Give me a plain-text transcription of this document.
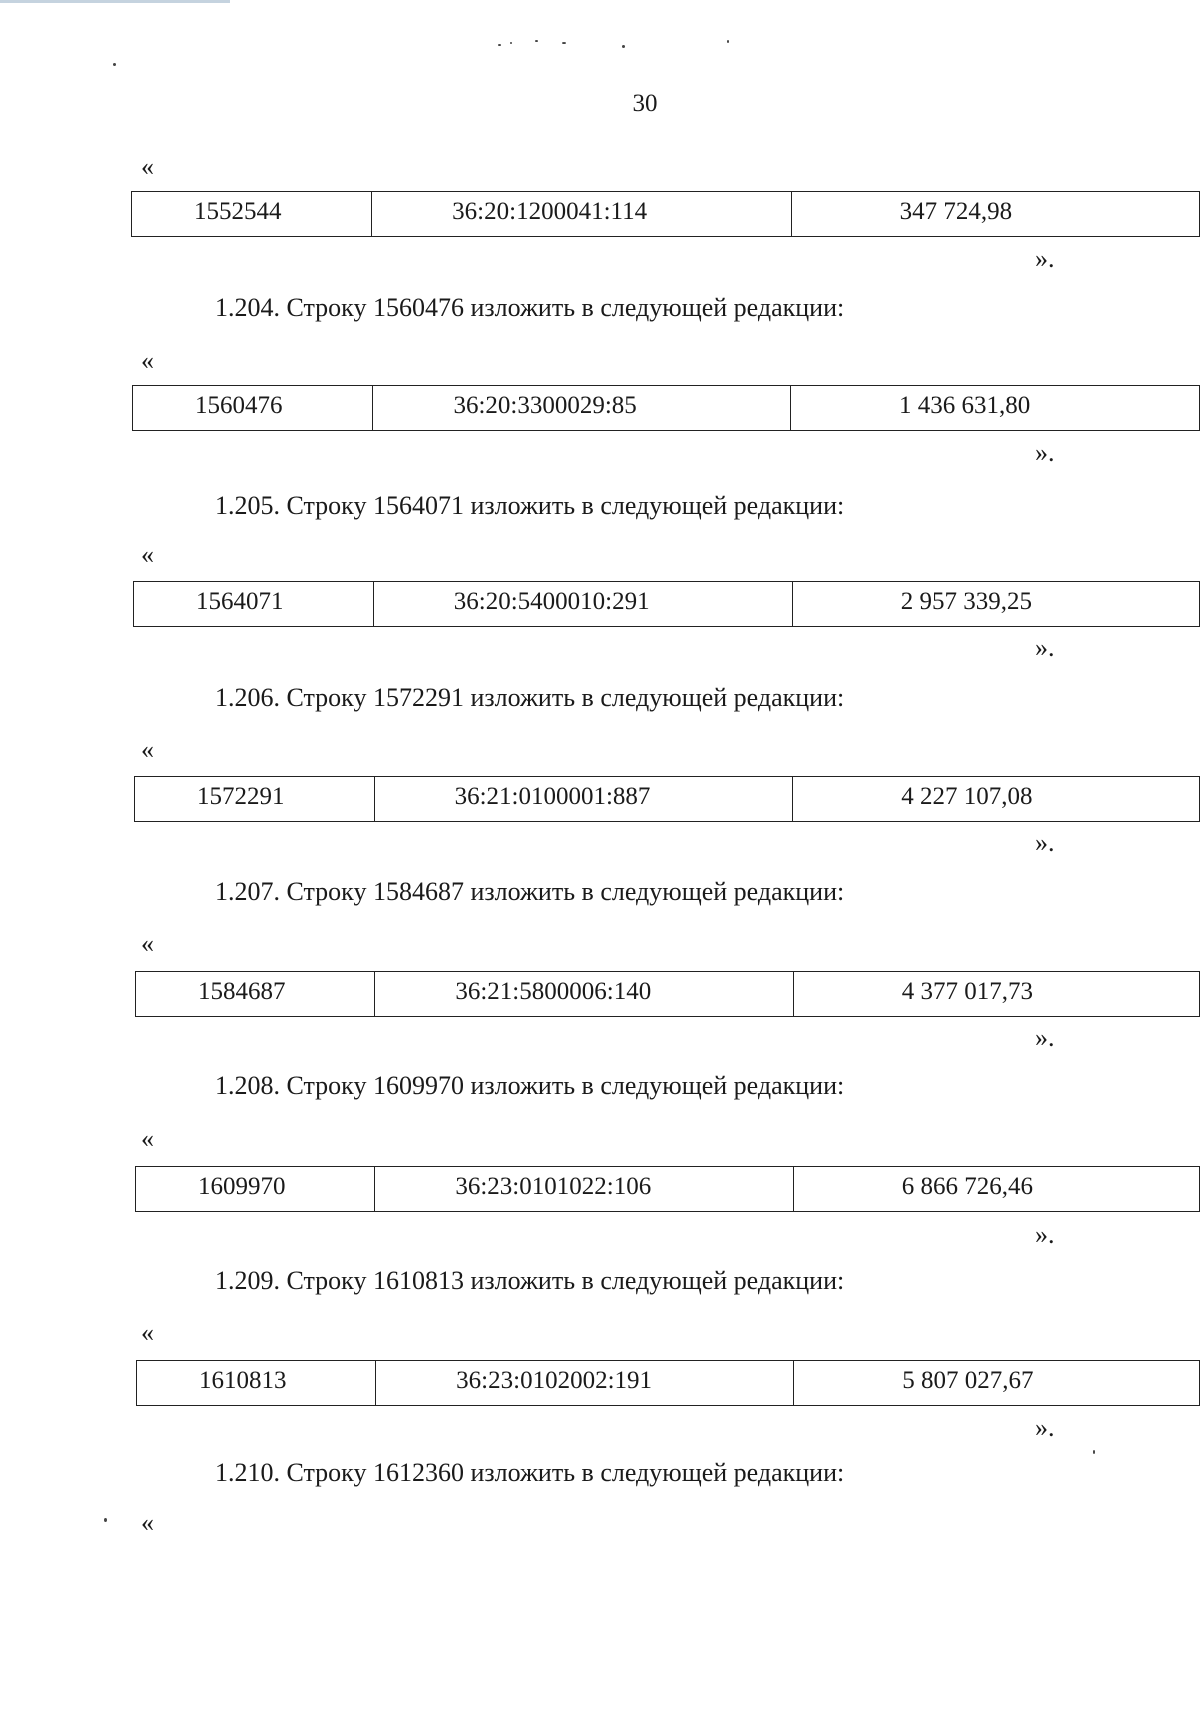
30
«
1552544	36:20:1200041:114	347 724,98
».
1.204. Строку 1560476 изложить в следующей редакции:
«
1560476	36:20:3300029:85	1 436 631,80
».
1.205. Строку 1564071 изложить в следующей редакции:
«
1564071	36:20:5400010:291	2 957 339,25
».
1.206. Строку 1572291 изложить в следующей редакции:
«
1572291	36:21:0100001:887	4 227 107,08
».
1.207. Строку 1584687 изложить в следующей редакции:
«
1584687	36:21:5800006:140	4 377 017,73
».
1.208. Строку 1609970 изложить в следующей редакции:
«
1609970	36:23:0101022:106	6 866 726,46
».
1.209. Строку 1610813 изложить в следующей редакции:
«
1610813	36:23:0102002:191	5 807 027,67
».
1.210. Строку 1612360 изложить в следующей редакции:
«
